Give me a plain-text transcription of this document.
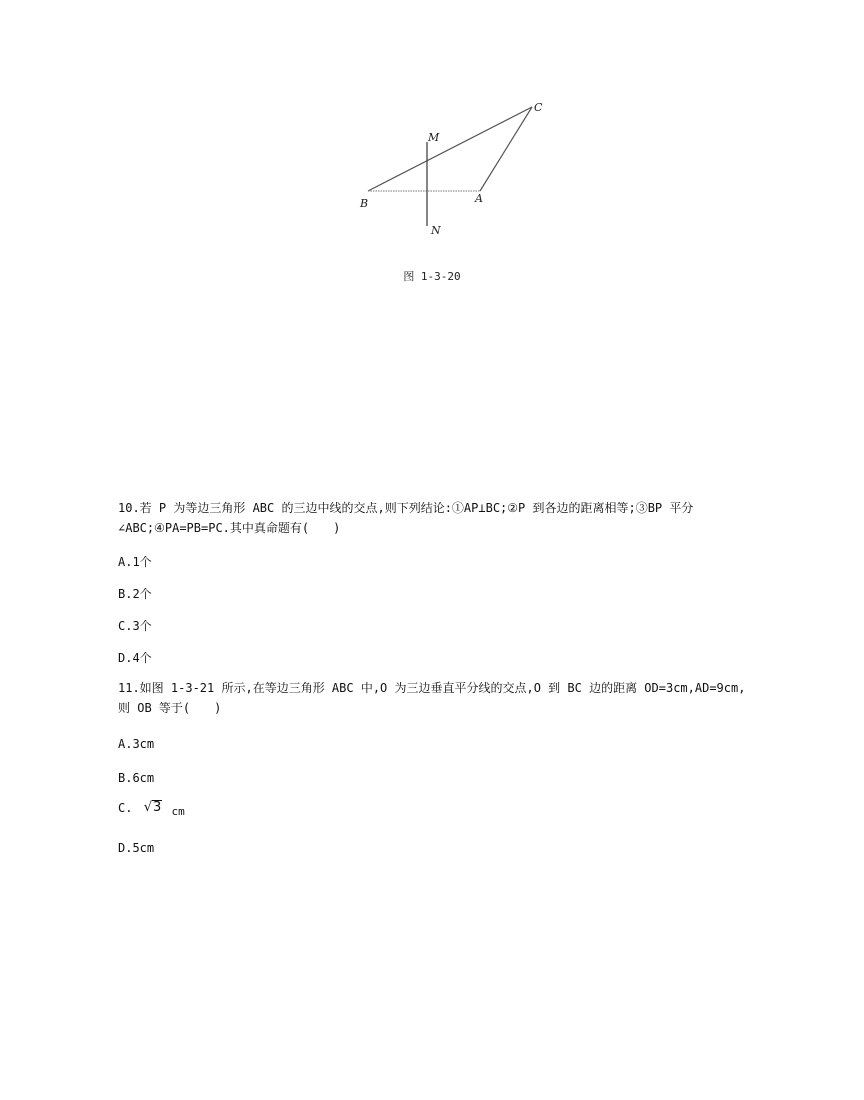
M
N
B	A
C
图 1-3-20
10.若 P 为等边三角形 ABC 的三边中线的交点,则下列结论:①AP⊥BC;②P 到各边的距离相等;③BP 平分
∠ABC;④PA=PB=PC.其中真命题有(　　)
A.1个
B.2个
C.3个
D.4个
11.如图 1-3-21 所示,在等边三角形 ABC 中,O 为三边垂直平分线的交点,O 到 BC 边的距离 OD=3cm,AD=9cm,
则 OB 等于(　　)
A.3cm
B.6cm
C. √3 cm
D.5cm
